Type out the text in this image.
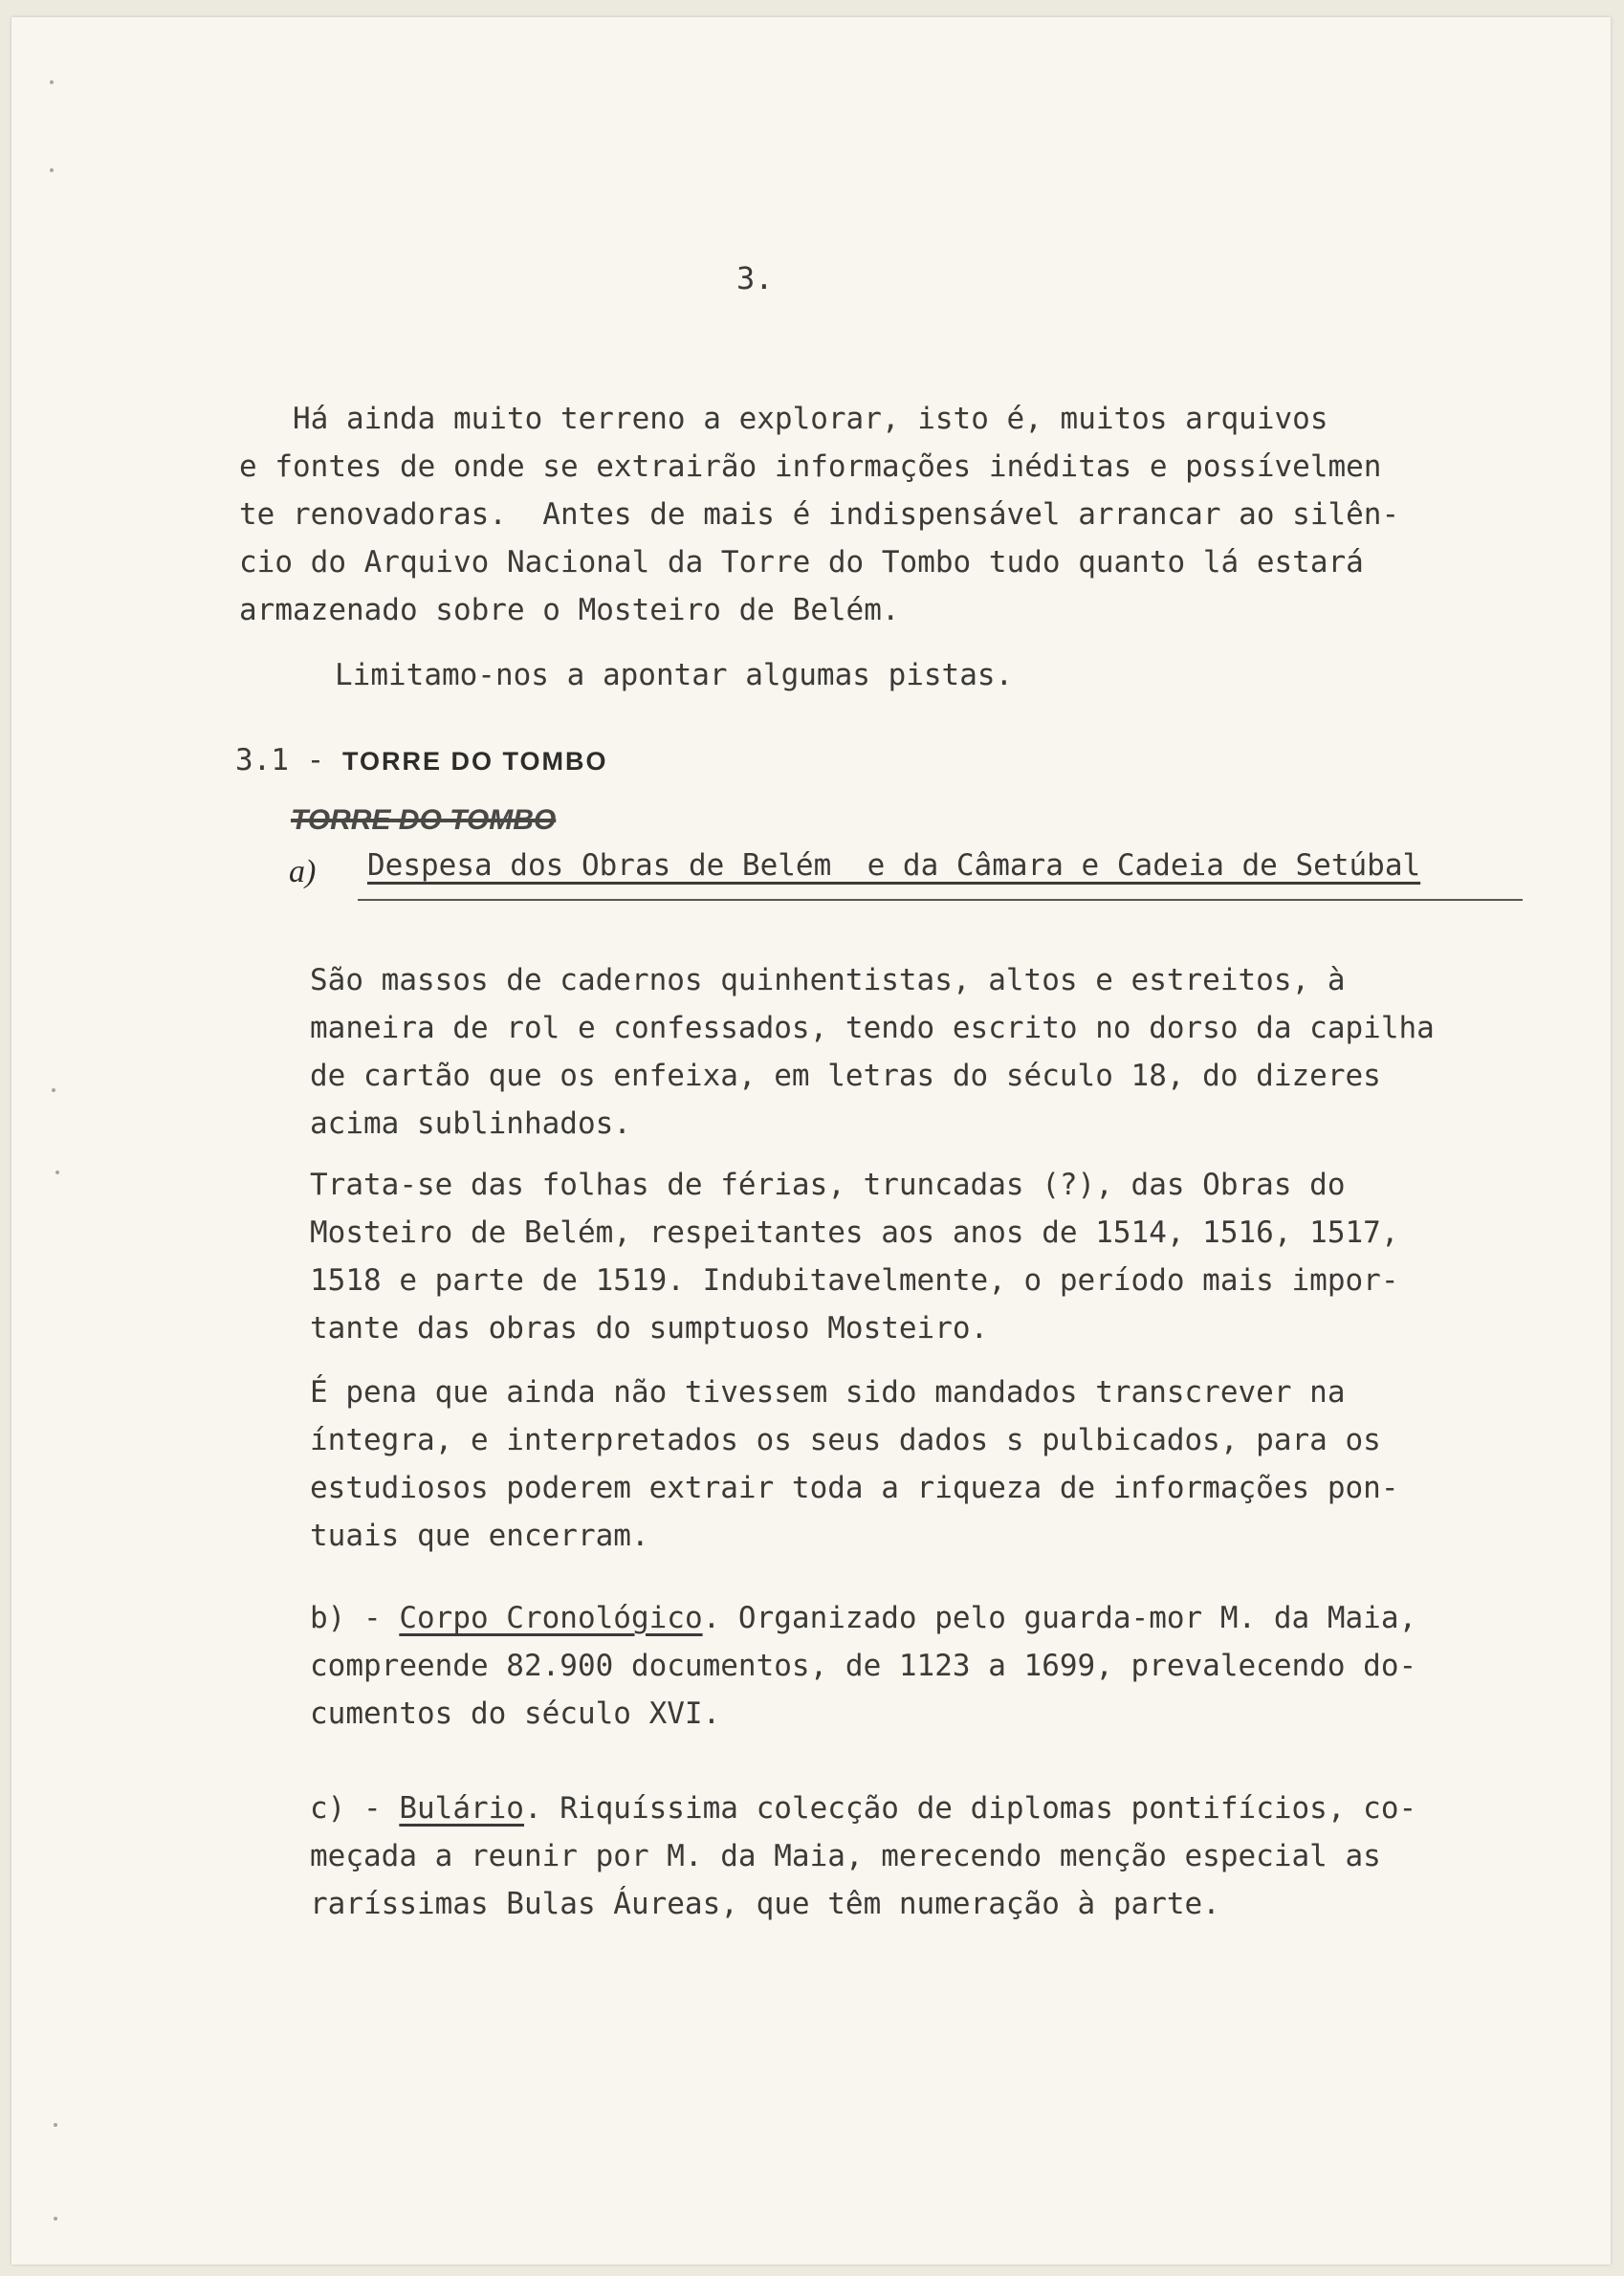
3.
Há ainda muito terreno a explorar, isto é, muitos arquivos
e fontes de onde se extrairão informações inéditas e possívelmen
te renovadoras.  Antes de mais é indispensável arrancar ao silên-
cio do Arquivo Nacional da Torre do Tombo tudo quanto lá estará
armazenado sobre o Mosteiro de Belém.
Limitamo-nos a apontar algumas pistas.
3.1 - TORRE DO TOMBO
TORRE DO TOMBO
a) Despesa dos Obras de Belém  e da Câmara e Cadeia de Setúbal
São massos de cadernos quinhentistas, altos e estreitos, à
maneira de rol e confessados, tendo escrito no dorso da capilha
de cartão que os enfeixa, em letras do século 18, do dizeres
acima sublinhados.
Trata-se das folhas de férias, truncadas (?), das Obras do
Mosteiro de Belém, respeitantes aos anos de 1514, 1516, 1517,
1518 e parte de 1519. Indubitavelmente, o período mais impor-
tante das obras do sumptuoso Mosteiro.
É pena que ainda não tivessem sido mandados transcrever na
íntegra, e interpretados os seus dados s pulbicados, para os
estudiosos poderem extrair toda a riqueza de informações pon-
tuais que encerram.
b) - Corpo Cronológico. Organizado pelo guarda-mor M. da Maia,
compreende 82.900 documentos, de 1123 a 1699, prevalecendo do-
cumentos do século XVI.
c) - Bulário. Riquíssima colecção de diplomas pontifícios, co-
meçada a reunir por M. da Maia, merecendo menção especial as
raríssimas Bulas Áureas, que têm numeração à parte.
